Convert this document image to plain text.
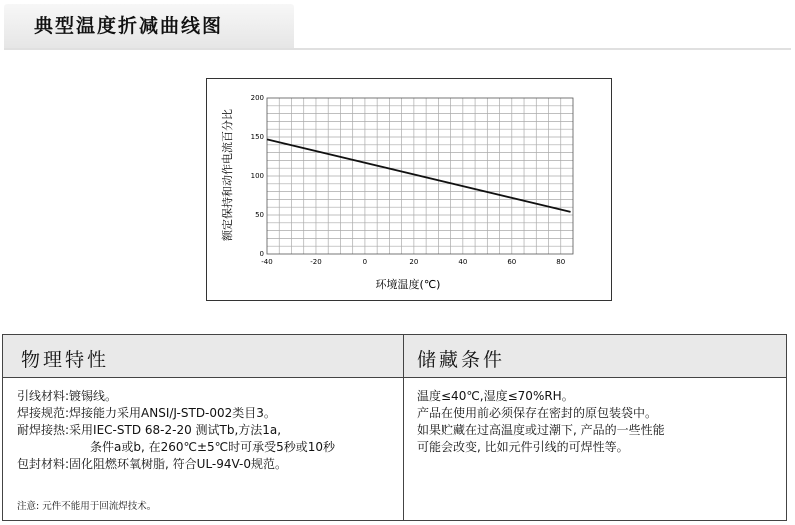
典型温度折减曲线图
0
50
100
150
200
-40	-20	0	20	40	60	80
环境温度(℃)
额定保持和动作电流百分比
物理特性	储藏条件
引线材料:镀锡线。
焊接规范:焊接能力采用ANSI/J-STD-002类目3。
耐焊接热:采用IEC-STD 68-2-20 测试Tb,方法1a,
条件a或b, 在260℃±5℃时可承受5秒或10秒
包封材料:固化阻燃环氧树脂, 符合UL-94V-0规范。
注意: 元件不能用于回流焊技术。
温度≤40℃,湿度≤70%RH。
产品在使用前必须保存在密封的原包装袋中。
如果贮藏在过高温度或过潮下, 产品的一些性能
可能会改变, 比如元件引线的可焊性等。
